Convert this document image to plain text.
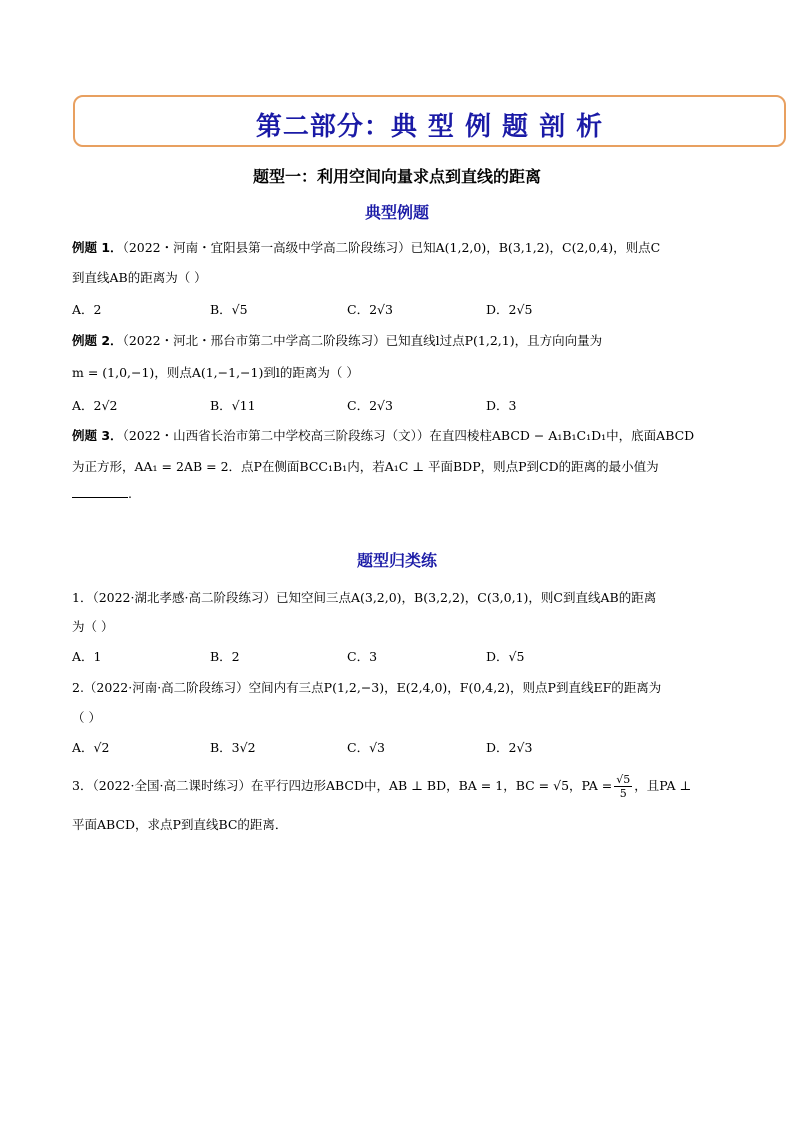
第二部分：典 型 例 题 剖 析
题型一：利用空间向量求点到直线的距离
典型例题
例题 1．（2022・河南・宜阳县第一高级中学高二阶段练习）已知A(1,2,0)，B(3,1,2)，C(2,0,4)，则点C
到直线AB的距离为（ ）
A．2	B．√5	C．2√3	D．2√5
例题 2．（2022・河北・邢台市第二中学高二阶段练习）已知直线l过点P(1,2,1)，且方向向量为
m = (1,0,−1)，则点A(1,−1,−1)到l的距离为（ ）
A．2√2	B．√11	C．2√3	D．3
例题 3．（2022・山西省长治市第二中学校高三阶段练习（文））在直四棱柱ABCD − A₁B₁C₁D₁中，底面ABCD
为正方形，AA₁ = 2AB = 2．点P在侧面BCC₁B₁内，若A₁C ⊥ 平面BDP，则点P到CD的距离的最小值为
.
题型归类练
1．（2022·湖北孝感·高二阶段练习）已知空间三点A(3,2,0)，B(3,2,2)，C(3,0,1)，则C到直线AB的距离
为（ ）
A．1	B．2	C．3	D．√5
2.（2022·河南·高二阶段练习）空间内有三点P(1,2,−3)，E(2,4,0)，F(0,4,2)，则点P到直线EF的距离为
（ ）
A．√2	B．3√2	C．√3	D．2√3
3．（2022·全国·高二课时练习）在平行四边形ABCD中，AB ⊥ BD，BA = 1，BC = √5，PA = $\frac{√5}{5}$ ，且PA ⊥
平面ABCD，求点P到直线BC的距离．
